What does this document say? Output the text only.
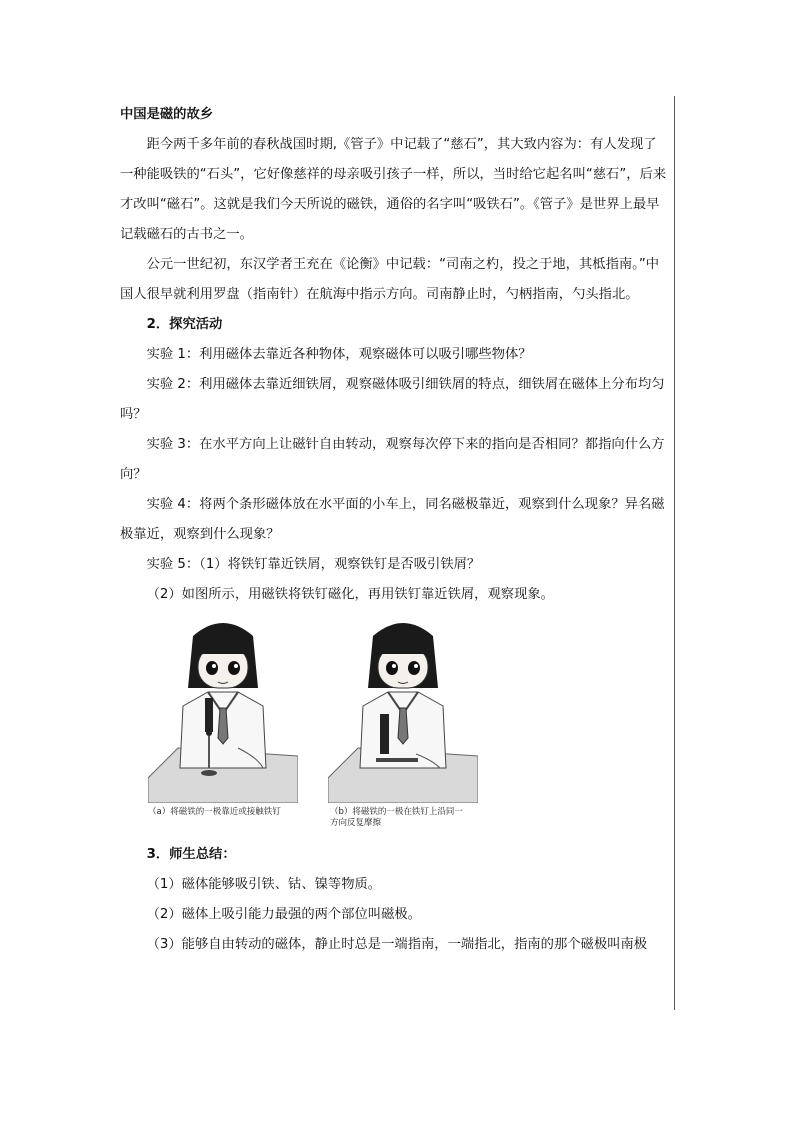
中国是磁的故乡

距今两千多年前的春秋战国时期,《管子》中记载了“慈石”，其大致内容为：有人发现了一种能吸铁的“石头”，它好像慈祥的母亲吸引孩子一样，所以，当时给它起名叫“慈石”，后来才改叫“磁石”。这就是我们今天所说的磁铁，通俗的名字叫“吸铁石”。《管子》是世界上最早记载磁石的古书之一。

公元一世纪初，东汉学者王充在《论衡》中记载：“司南之杓，投之于地，其柢指南。”中国人很早就利用罗盘（指南针）在航海中指示方向。司南静止时，勺柄指南，勺头指北。

2．探究活动

实验 1：利用磁体去靠近各种物体，观察磁体可以吸引哪些物体？

实验 2：利用磁体去靠近细铁屑，观察磁体吸引细铁屑的特点，细铁屑在磁体上分布均匀吗？

实验 3：在水平方向上让磁针自由转动，观察每次停下来的指向是否相同？都指向什么方向？

实验 4：将两个条形磁体放在水平面的小车上，同名磁极靠近，观察到什么现象？异名磁极靠近，观察到什么现象？

实验 5：（1）将铁钉靠近铁屑，观察铁钉是否吸引铁屑？

（2）如图所示，用磁铁将铁钉磁化，再用铁钉靠近铁屑，观察现象。

（a）将磁铁的一极靠近或接触铁钉	（b）将磁铁的一极在铁钉上沿同一
方向反复摩擦

3．师生总结：

（1）磁体能够吸引铁、钴、镍等物质。

（2）磁体上吸引能力最强的两个部位叫磁极。

（3）能够自由转动的磁体，静止时总是一端指南，一端指北，指南的那个磁极叫南极
